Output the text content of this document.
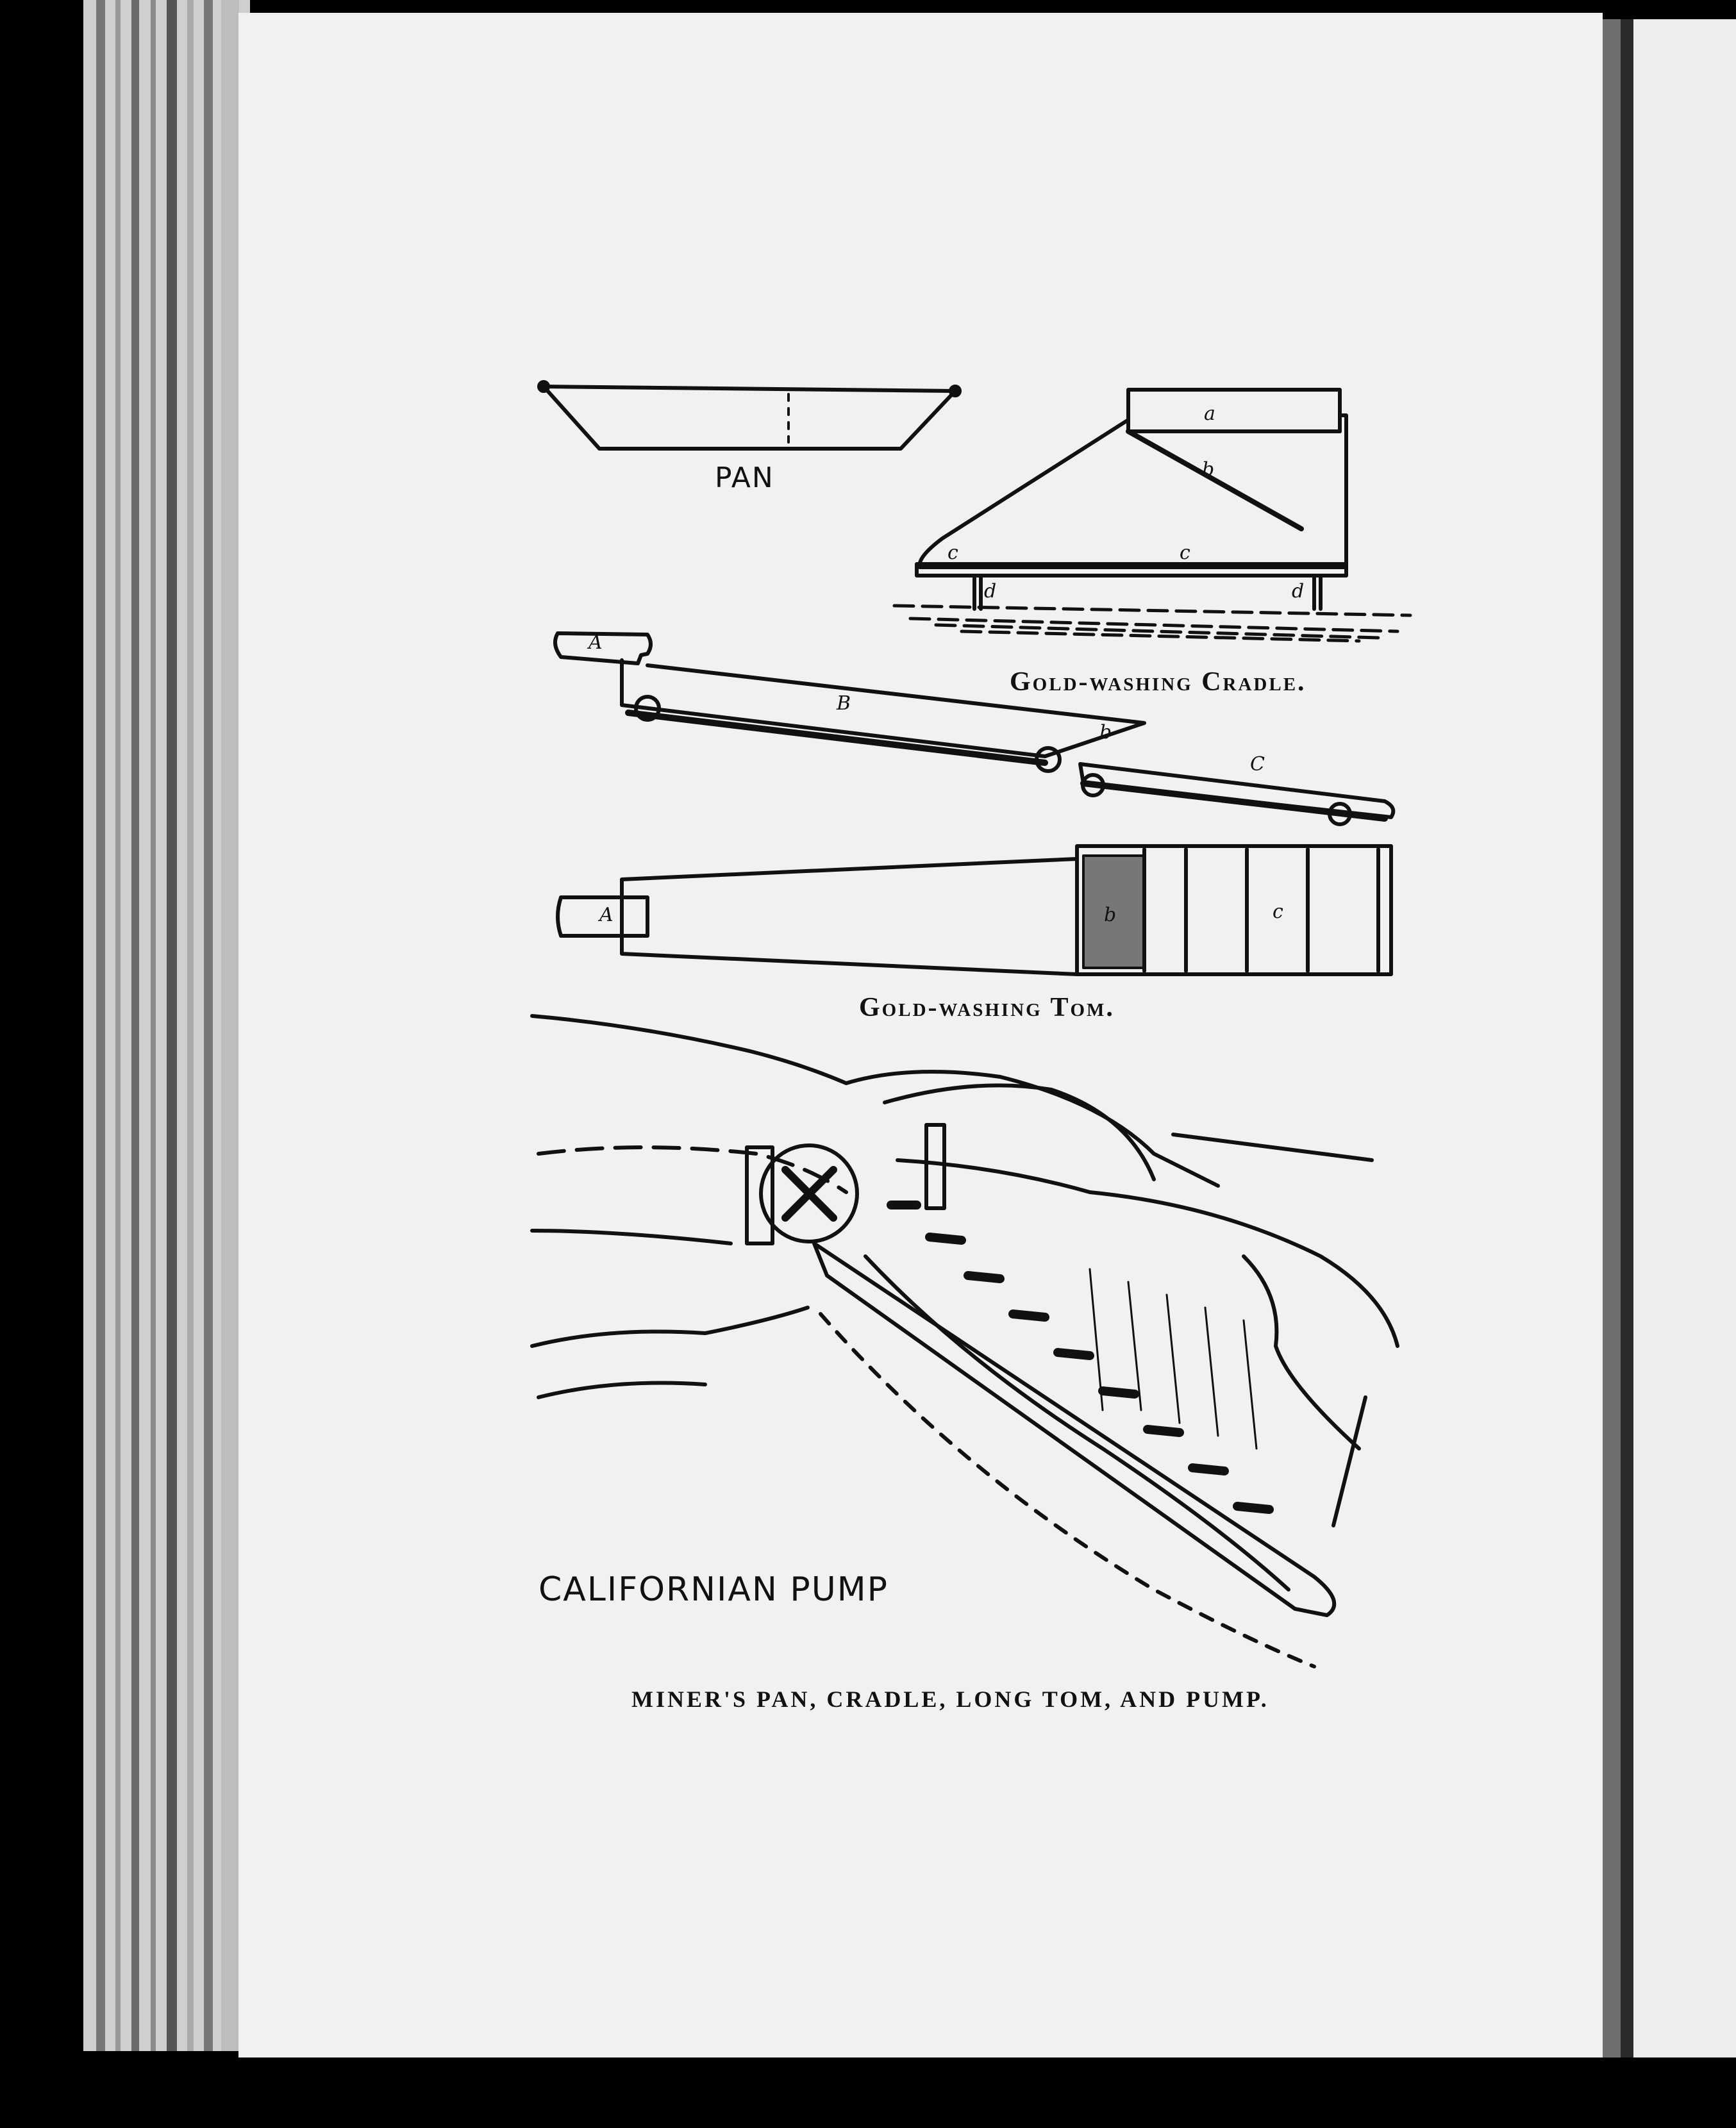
a
b
c	c
d	d
A
B
b
C
A	b	c
PAN
Gold-washing Cradle.
Gold-washing Tom.
CALIFORNIAN PUMP
MINER'S PAN, CRADLE, LONG TOM, AND PUMP.
